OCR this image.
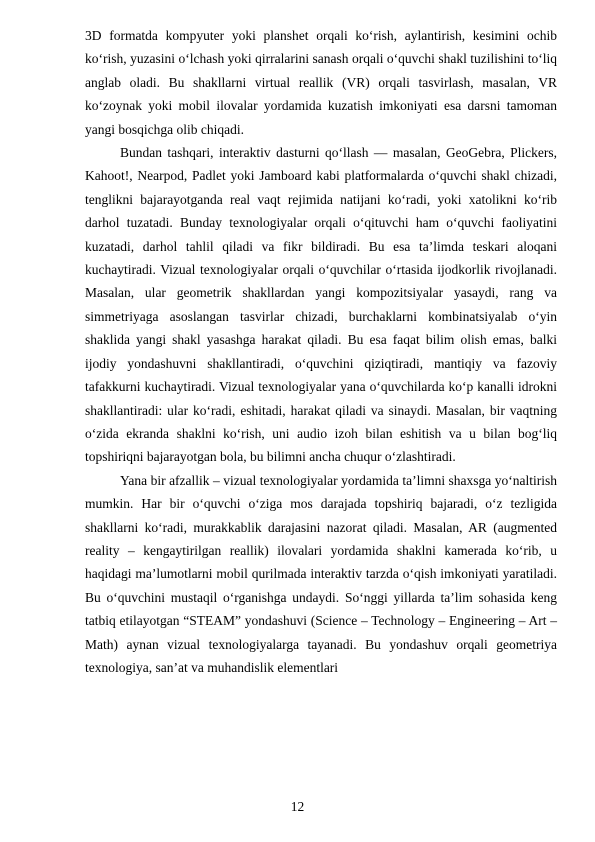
3D formatda kompyuter yoki planshet orqali ko‘rish, aylantirish, kesimini ochib ko‘rish, yuzasini o‘lchash yoki qirralarini sanash orqali o‘quvchi shakl tuzilishini to‘liq anglab oladi. Bu shakllarni virtual reallik (VR) orqali tasvirlash, masalan, VR ko‘zoynak yoki mobil ilovalar yordamida kuzatish imkoniyati esa darsni tamoman yangi bosqichga olib chiqadi.

Bundan tashqari, interaktiv dasturni qo‘llash — masalan, GeoGebra, Plickers, Kahoot!, Nearpod, Padlet yoki Jamboard kabi platformalarda o‘quvchi shakl chizadi, tenglikni bajarayotganda real vaqt rejimida natijani ko‘radi, yoki xatolikni ko‘rib darhol tuzatadi. Bunday texnologiyalar orqali o‘qituvchi ham o‘quvchi faoliyatini kuzatadi, darhol tahlil qiladi va fikr bildiradi. Bu esa ta’limda teskari aloqani kuchaytiradi. Vizual texnologiyalar orqali o‘quvchilar o‘rtasida ijodkorlik rivojlanadi. Masalan, ular geometrik shakllardan yangi kompozitsiyalar yasaydi, rang va simmetriyaga asoslangan tasvirlar chizadi, burchaklarni kombinatsiyalab o‘yin shaklida yangi shakl yasashga harakat qiladi. Bu esa faqat bilim olish emas, balki ijodiy yondashuvni shakllantiradi, o‘quvchini qiziqtiradi, mantiqiy va fazoviy tafakkurni kuchaytiradi. Vizual texnologiyalar yana o‘quvchilarda ko‘p kanalli idrokni shakllantiradi: ular ko‘radi, eshitadi, harakat qiladi va sinaydi. Masalan, bir vaqtning o‘zida ekranda shaklni ko‘rish, uni audio izoh bilan eshitish va u bilan bog‘liq topshiriqni bajarayotgan bola, bu bilimni ancha chuqur o‘zlashtiradi.

Yana bir afzallik – vizual texnologiyalar yordamida ta’limni shaxsga yo‘naltirish mumkin. Har bir o‘quvchi o‘ziga mos darajada topshiriq bajaradi, o‘z tezligida shakllarni ko‘radi, murakkablik darajasini nazorat qiladi. Masalan, AR (augmented reality – kengaytirilgan reallik) ilovalari yordamida shaklni kamerada ko‘rib, u haqidagi ma’lumotlarni mobil qurilmada interaktiv tarzda o‘qish imkoniyati yaratiladi. Bu o‘quvchini mustaqil o‘rganishga undaydi. So‘nggi yillarda ta’lim sohasida keng tatbiq etilayotgan “STEAM” yondashuvi (Science – Technology – Engineering – Art – Math) aynan vizual texnologiyalarga tayanadi. Bu yondashuv orqali geometriya texnologiya, san’at va muhandislik elementlari

12
